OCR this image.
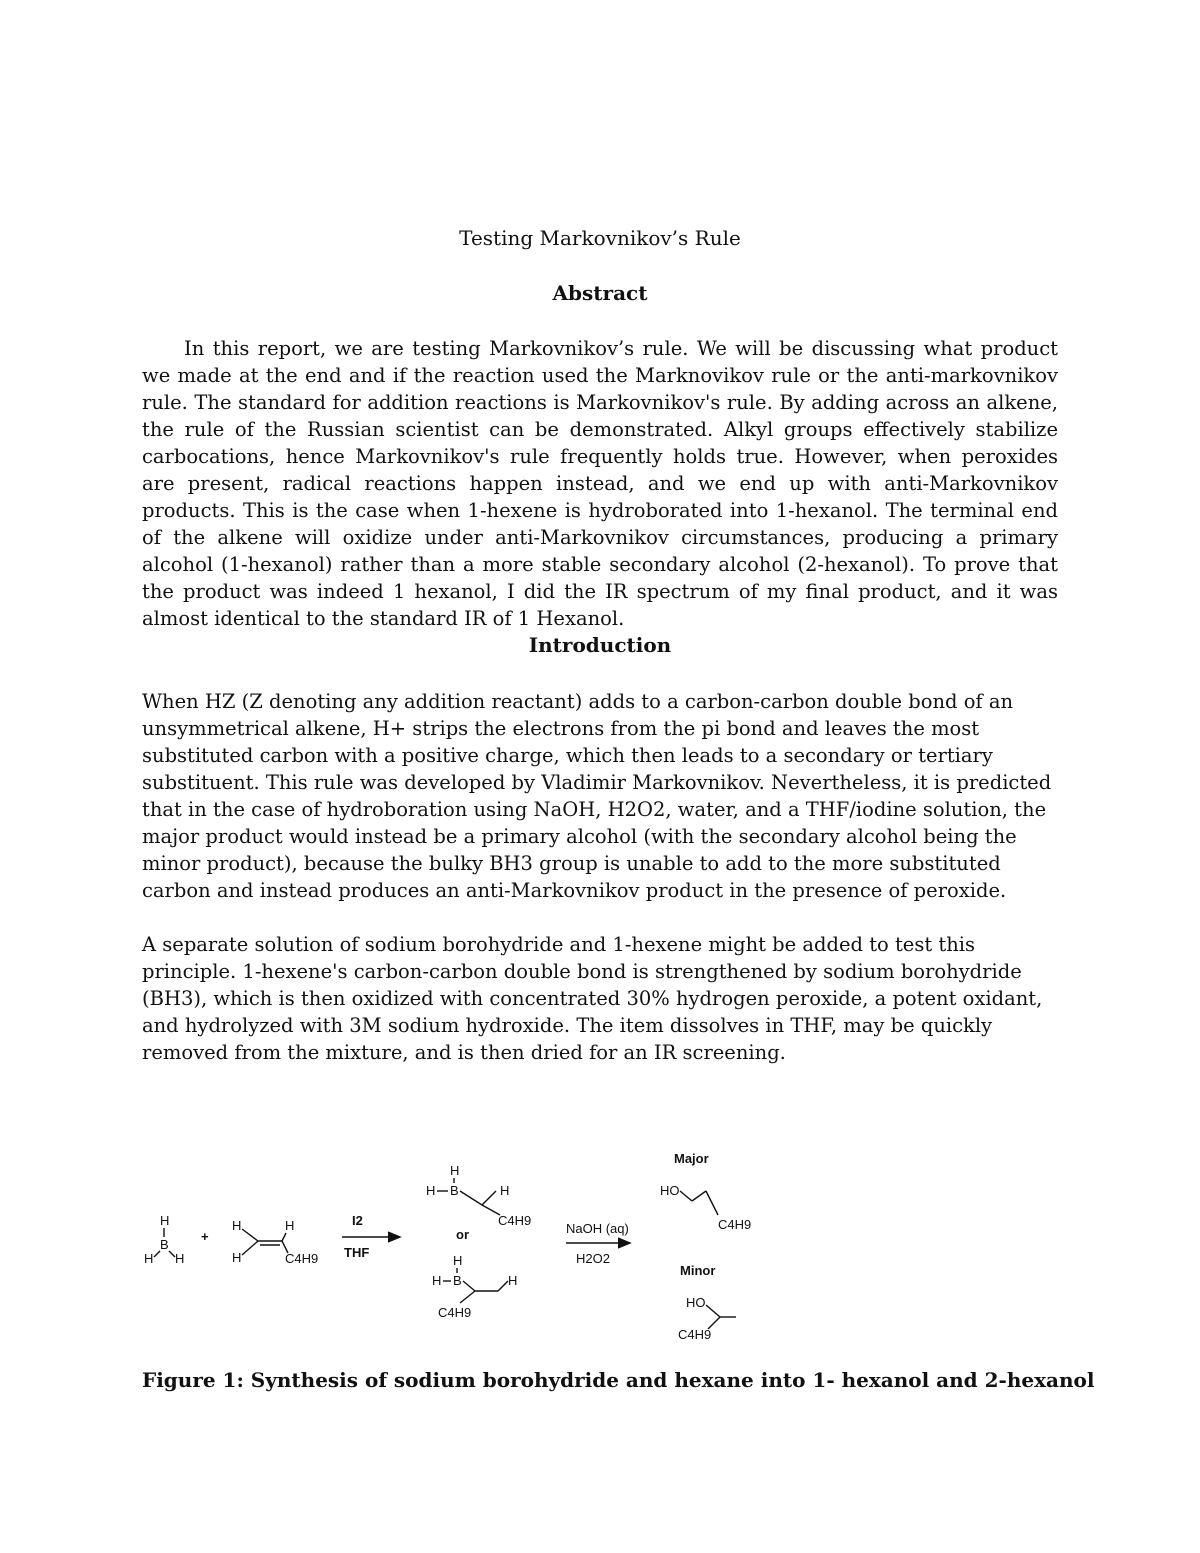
Testing Markovnikov’s Rule
Abstract

In this report, we are testing Markovnikov’s rule. We will be discussing what product we made at the end and if the reaction used the Marknovikov rule or the anti-markovnikov rule. The standard for addition reactions is Markovnikov's rule. By adding across an alkene, the rule of the Russian scientist can be demonstrated. Alkyl groups effectively stabilize carbocations, hence Markovnikov's rule frequently holds true. However, when peroxides are present, radical reactions happen instead, and we end up with anti-Markovnikov products. This is the case when 1-hexene is hydroborated into 1-hexanol. The terminal end of the alkene will oxidize under anti-Markovnikov circumstances, producing a primary alcohol (1-hexanol) rather than a more stable secondary alcohol (2-hexanol). To prove that the product was indeed 1 hexanol, I did the IR spectrum of my final product, and it was almost identical to the standard IR of 1 Hexanol.

Introduction

When HZ (Z denoting any addition reactant) adds to a carbon-carbon double bond of an unsymmetrical alkene, H+ strips the electrons from the pi bond and leaves the most substituted carbon with a positive charge, which then leads to a secondary or tertiary substituent. This rule was developed by Vladimir Markovnikov. Nevertheless, it is predicted that in the case of hydroboration using NaOH, H2O2, water, and a THF/iodine solution, the major product would instead be a primary alcohol (with the secondary alcohol being the minor product), because the bulky BH3 group is unable to add to the more substituted carbon and instead produces an anti-Markovnikov product in the presence of peroxide.

A separate solution of sodium borohydride and 1-hexene might be added to test this principle. 1-hexene's carbon-carbon double bond is strengthened by sodium borohydride (BH3), which is then oxidized with concentrated 30% hydrogen peroxide, a potent oxidant, and hydrolyzed with 3M sodium hydroxide. The item dissolves in THF, may be quickly removed from the mixture, and is then dried for an IR screening.

H
B
H H
+
H
H
H
C4H9
I2
THF
H
H B	H
C4H9
or
H
H B	H
C4H9
NaOH (aq)
H2O2
Major
HO
C4H9
Minor
HO
C4H9

Figure 1: Synthesis of sodium borohydride and hexane into 1- hexanol and 2-hexanol
